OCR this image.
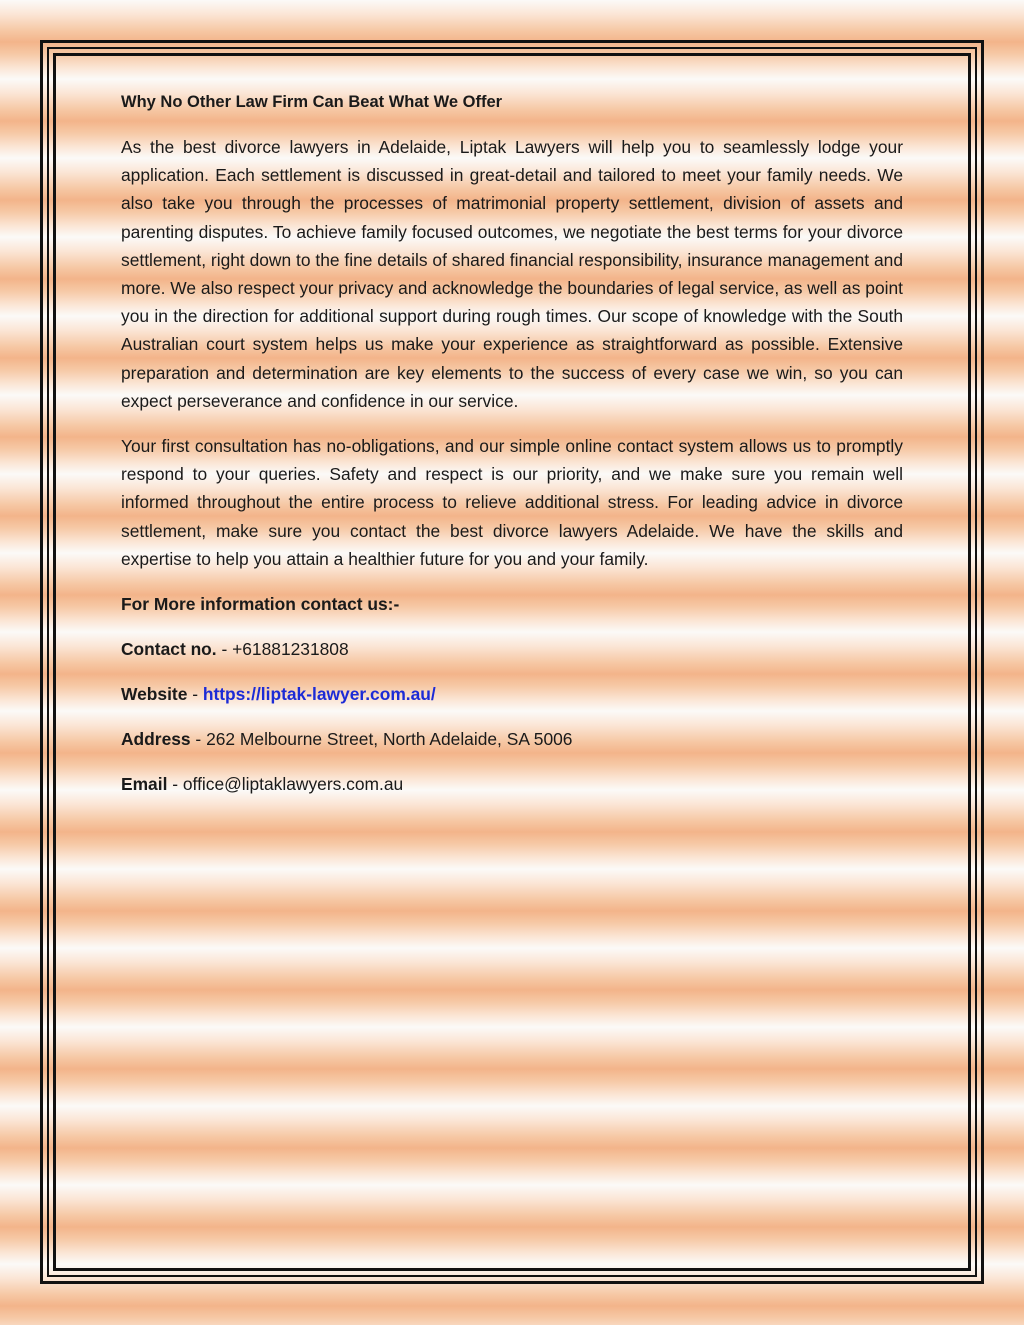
Why No Other Law Firm Can Beat What We Offer

As the best divorce lawyers in Adelaide, Liptak Lawyers will help you to seamlessly lodge your application. Each settlement is discussed in great-detail and tailored to meet your family needs. We also take you through the processes of matrimonial property settlement, division of assets and parenting disputes. To achieve family focused outcomes, we negotiate the best terms for your divorce settlement, right down to the fine details of shared financial responsibility, insurance management and more. We also respect your privacy and acknowledge the boundaries of legal service, as well as point you in the direction for additional support during rough times. Our scope of knowledge with the South Australian court system helps us make your experience as straightforward as possible. Extensive preparation and determination are key elements to the success of every case we win, so you can expect perseverance and confidence in our service.

Your first consultation has no-obligations, and our simple online contact system allows us to promptly respond to your queries. Safety and respect is our priority, and we make sure you remain well informed throughout the entire process to relieve additional stress. For leading advice in divorce settlement, make sure you contact the best divorce lawyers Adelaide. We have the skills and expertise to help you attain a healthier future for you and your family.

For More information contact us:-
Contact no. - +61881231808
Website - https://liptak-lawyer.com.au/
Address - 262 Melbourne Street, North Adelaide, SA 5006
Email - office@liptaklawyers.com.au
